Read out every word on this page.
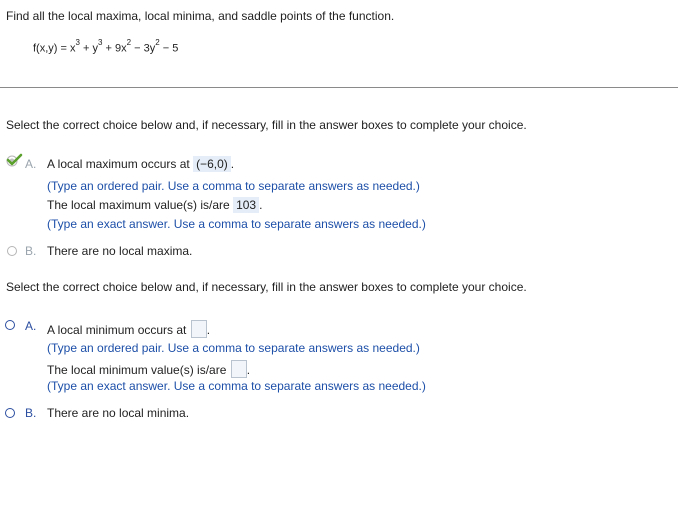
Find all the local maxima, local minima, and saddle points of the function.
$f(x,y) = x^3 + y^3 + 9x^2 - 3y^2 - 5$
Select the correct choice below and, if necessary, fill in the answer boxes to complete your choice.
A. A local maximum occurs at (−6,0) .
(Type an ordered pair. Use a comma to separate answers as needed.)
The local maximum value(s) is/are 103 .
(Type an exact answer. Use a comma to separate answers as needed.)
B. There are no local maxima.
Select the correct choice below and, if necessary, fill in the answer boxes to complete your choice.
A. A local minimum occurs at .
(Type an ordered pair. Use a comma to separate answers as needed.)
The local minimum value(s) is/are .
(Type an exact answer. Use a comma to separate answers as needed.)
B. There are no local minima.
